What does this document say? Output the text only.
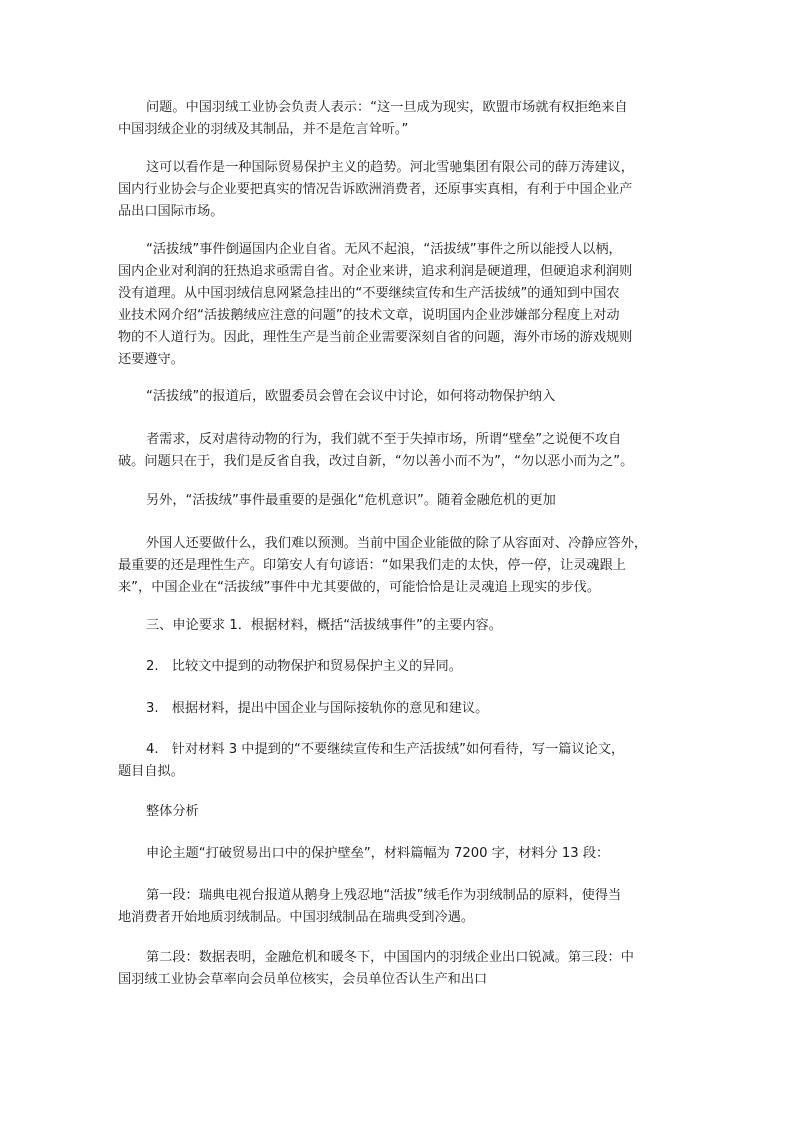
问题。中国羽绒工业协会负责人表示：“这一旦成为现实，欧盟市场就有权拒绝来自
中国羽绒企业的羽绒及其制品，并不是危言耸听。”

这可以看作是一种国际贸易保护主义的趋势。河北雪驰集团有限公司的薛万涛建议，
国内行业协会与企业要把真实的情况告诉欧洲消费者，还原事实真相，有利于中国企业产
品出口国际市场。

“活拔绒”事件倒逼国内企业自省。无风不起浪，“活拔绒”事件之所以能授人以柄，
国内企业对利润的狂热追求亟需自省。对企业来讲，追求利润是硬道理，但硬追求利润则
没有道理。从中国羽绒信息网紧急挂出的“不要继续宣传和生产活拔绒”的通知到中国农
业技术网介绍“活拔鹅绒应注意的问题”的技术文章，说明国内企业涉嫌部分程度上对动
物的不人道行为。因此，理性生产是当前企业需要深刻自省的问题，海外市场的游戏规则
还要遵守。

“活拔绒”的报道后，欧盟委员会曾在会议中讨论，如何将动物保护纳入

者需求，反对虐待动物的行为，我们就不至于失掉市场，所谓“壁垒”之说便不攻自
破。问题只在于，我们是反省自我，改过自新，“勿以善小而不为”，“勿以恶小而为之”。

另外，“活拔绒”事件最重要的是强化“危机意识”。随着金融危机的更加

外国人还要做什么，我们难以预测。当前中国企业能做的除了从容面对、冷静应答外，
最重要的还是理性生产。印第安人有句谚语：“如果我们走的太快，停一停，让灵魂跟上
来”，中国企业在“活拔绒”事件中尤其要做的，可能恰恰是让灵魂追上现实的步伐。

三、申论要求 1．根据材料，概括“活拔绒事件”的主要内容。

2.　比较文中提到的动物保护和贸易保护主义的异同。

3.　根据材料，提出中国企业与国际接轨你的意见和建议。

4.　针对材料 3 中提到的“不要继续宣传和生产活拔绒”如何看待，写一篇议论文，
题目自拟。

整体分析

申论主题“打破贸易出口中的保护壁垒”，材料篇幅为 7200 字，材料分 13 段：

第一段：瑞典电视台报道从鹅身上残忍地“活拔”绒毛作为羽绒制品的原料，使得当
地消费者开始地质羽绒制品。中国羽绒制品在瑞典受到冷遇。

第二段：数据表明，金融危机和暖冬下，中国国内的羽绒企业出口锐减。第三段：中
国羽绒工业协会草率向会员单位核实，会员单位否认生产和出口
